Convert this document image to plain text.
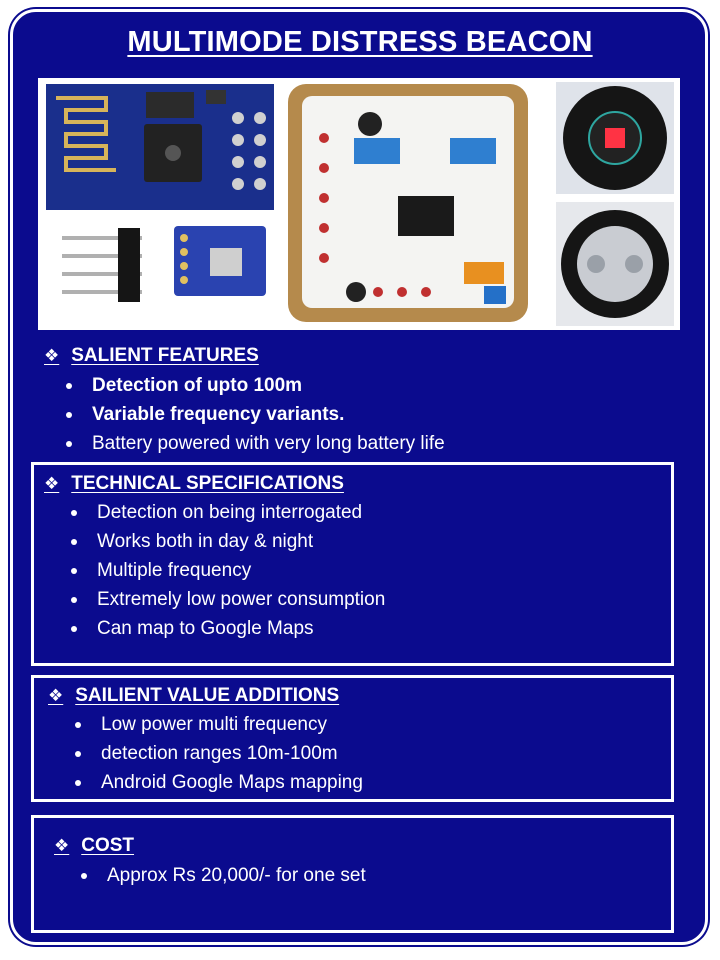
MULTIMODE DISTRESS BEACON
❖ SALIENT FEATURES
Detection of upto 100m
Variable frequency variants.
Battery powered with very long battery life
❖ TECHNICAL SPECIFICATIONS
Detection on being interrogated
Works both in day & night
Multiple frequency
Extremely low power consumption
Can map to Google Maps
❖ SAILIENT VALUE ADDITIONS
Low power multi frequency
detection ranges 10m-100m
Android Google Maps mapping
❖ COST
Approx Rs 20,000/- for one set
